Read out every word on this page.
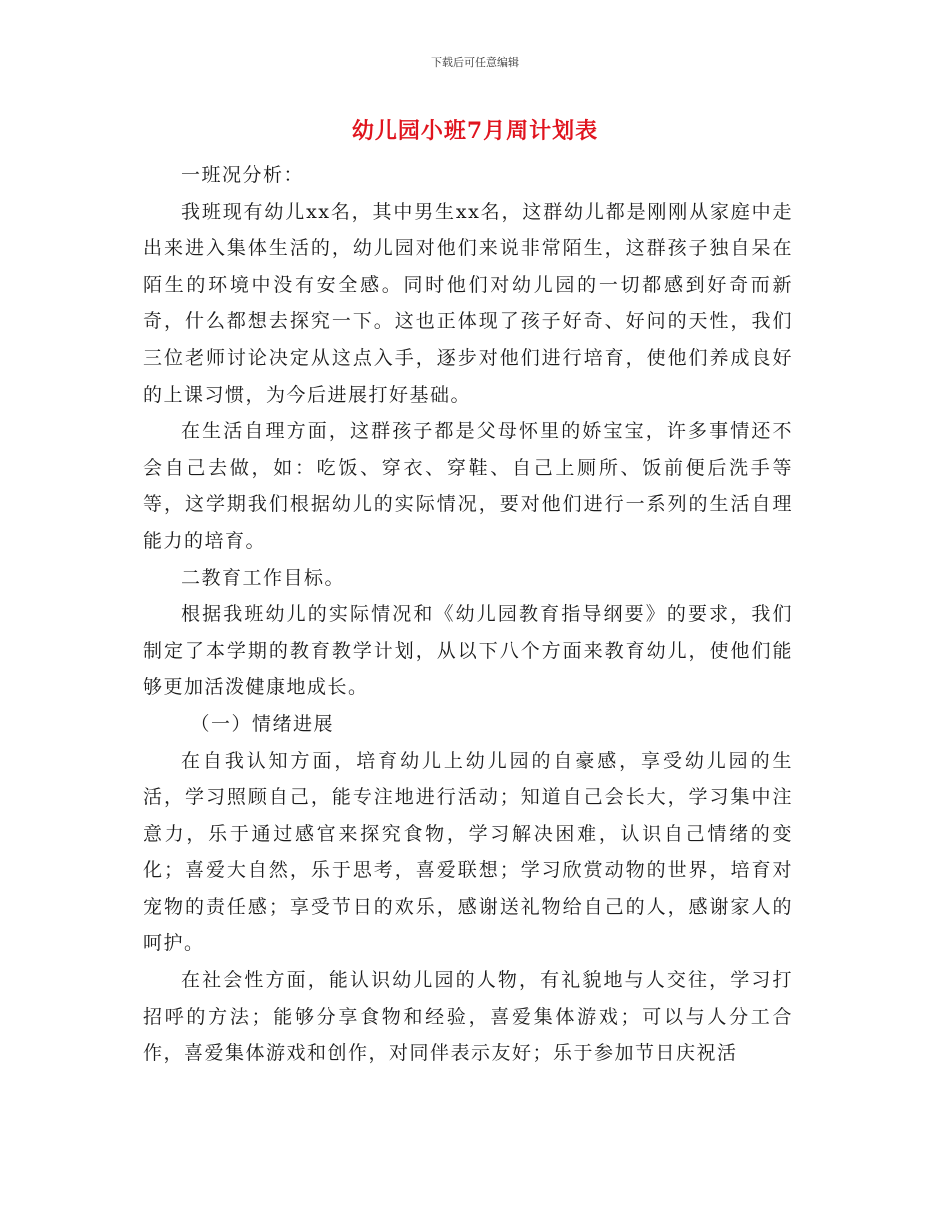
下载后可任意编辑
幼儿园小班7月周计划表

一班况分析：

我班现有幼儿xx名，其中男生xx名，这群幼儿都是刚刚从家庭中走出来进入集体生活的，幼儿园对他们来说非常陌生，这群孩子独自呆在陌生的环境中没有安全感。同时他们对幼儿园的一切都感到好奇而新奇，什么都想去探究一下。这也正体现了孩子好奇、好问的天性，我们三位老师讨论决定从这点入手，逐步对他们进行培育，使他们养成良好的上课习惯，为今后进展打好基础。

在生活自理方面，这群孩子都是父母怀里的娇宝宝，许多事情还不会自己去做，如：吃饭、穿衣、穿鞋、自己上厕所、饭前便后洗手等等，这学期我们根据幼儿的实际情况，要对他们进行一系列的生活自理能力的培育。

二教育工作目标。

根据我班幼儿的实际情况和《幼儿园教育指导纲要》的要求，我们制定了本学期的教育教学计划，从以下八个方面来教育幼儿，使他们能够更加活泼健康地成长。

（一）情绪进展

在自我认知方面，培育幼儿上幼儿园的自豪感，享受幼儿园的生活，学习照顾自己，能专注地进行活动；知道自己会长大，学习集中注意力，乐于通过感官来探究食物，学习解决困难，认识自己情绪的变化；喜爱大自然，乐于思考，喜爱联想；学习欣赏动物的世界，培育对宠物的责任感；享受节日的欢乐，感谢送礼物给自己的人，感谢家人的呵护。

在社会性方面，能认识幼儿园的人物，有礼貌地与人交往，学习打招呼的方法；能够分享食物和经验，喜爱集体游戏；可以与人分工合作，喜爱集体游戏和创作，对同伴表示友好；乐于参加节日庆祝活
